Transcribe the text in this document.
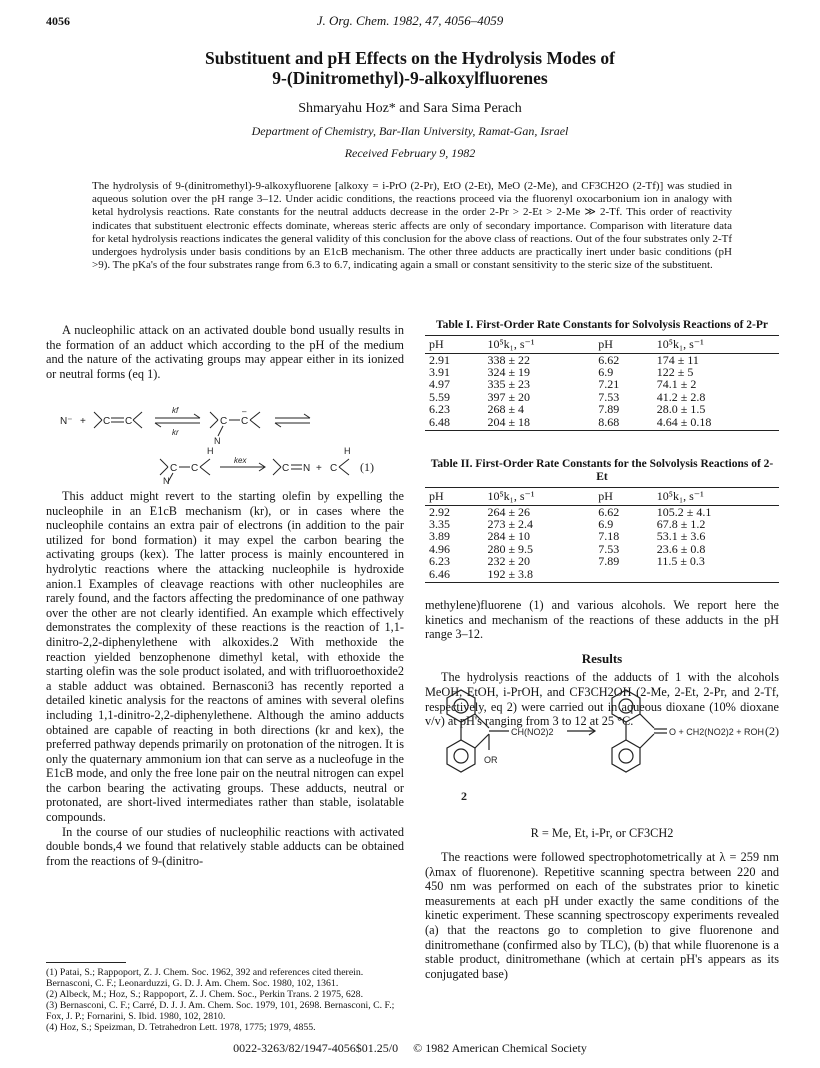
4056	J. Org. Chem. 1982, 47, 4056–4059
Substituent and pH Effects on the Hydrolysis Modes of
9-(Dinitromethyl)-9-alkoxylfluorenes
Shmaryahu Hoz* and Sara Sima Perach
Department of Chemistry, Bar-Ilan University, Ramat-Gan, Israel
Received February 9, 1982
The hydrolysis of 9-(dinitromethyl)-9-alkoxyfluorene [alkoxy = i-PrO (2-Pr), EtO (2-Et), MeO (2-Me), and CF3CH2O (2-Tf)] was studied in aqueous solution over the pH range 3–12. Under acidic conditions, the reactions proceed via the fluorenyl oxocarbonium ion in analogy with ketal hydrolysis reactions. Rate constants for the neutral adducts decrease in the order 2-Pr > 2-Et > 2-Me ≫ 2-Tf. This order of reactivity indicates that substituent electronic effects dominate, whereas steric affects are only of secondary importance. Comparison with literature data for ketal hydrolysis reactions indicates the general validity of this conclusion for the above class of reactions. Out of the four substrates only 2-Tf undergoes hydrolysis under basis conditions by an E1cB mechanism. The other three adducts are practically inert under basic conditions (pH >9). The pKa's of the four substrates range from 6.3 to 6.7, indicating again a small or constant sensitivity to the steric size of the substituent.

A nucleophilic attack on an activated double bond usually results in the formation of an adduct which according to the pH of the medium and the nature of the activating groups may appear either in its ionized or neutral forms (eq 1).

N⁻ + C C
kf
kr
C C
–
N
C C
H
N
kex
C N + C
H
(1)

This adduct might revert to the starting olefin by expelling the nucleophile in an E1cB mechanism (kr), or in cases where the nucleophile contains an extra pair of electrons (in addition to the pair utilized for bond formation) it may expel the carbon bearing the activating groups (kex). The latter process is mainly encountered in hydrolytic reactions where the attacking nucleophile is hydroxide anion.1 Examples of cleavage reactions with other nucleophiles are rarely found, and the factors affecting the predominance of one pathway over the other are not clearly identified. An example which effectively demonstrates the complexity of these reactions is the reaction of 1,1-dinitro-2,2-diphenylethene with alkoxides.2 With methoxide the reaction yielded benzophenone dimethyl ketal, with ethoxide the starting olefin was the sole product isolated, and with trifluoroethoxide2 a stable adduct was obtained. Bernasconi3 has recently reported a detailed kinetic analysis for the reactons of amines with several olefins including 1,1-dinitro-2,2-diphenylethene. Although the amino adducts obtained are capable of reacting in both directions (kr and kex), the preferred pathway depends primarily on protonation of the nitrogen. It is only the quaternary ammonium ion that can serve as a nucleofuge in the E1cB mode, and only the free lone pair on the neutral nitrogen can expel the carbon bearing the activating groups. These adducts, neutral or protonated, are short-lived intermediates rather than stable, isolatable compounds.

In the course of our studies of nucleophilic reactions with activated double bonds,4 we found that relatively stable adducts can be obtained from the reactions of 9-(dinitro-

(1) Patai, S.; Rappoport, Z. J. Chem. Soc. 1962, 392 and references cited therein. Bernasconi, C. F.; Leonarduzzi, G. D. J. Am. Chem. Soc. 1980, 102, 1361.
(2) Albeck, M.; Hoz, S.; Rappoport, Z. J. Chem. Soc., Perkin Trans. 2 1975, 628.
(3) Bernasconi, C. F.; Carré, D. J. J. Am. Chem. Soc. 1979, 101, 2698. Bernasconi, C. F.; Fox, J. P.; Fornarini, S. Ibid. 1980, 102, 2810.
(4) Hoz, S.; Speizman, D. Tetrahedron Lett. 1978, 1775; 1979, 4855.
Table I. First-Order Rate Constants for Solvolysis Reactions of 2-Pr
pH	10⁵k₁, s⁻¹	pH	10⁵k₁, s⁻¹
2.91	338 ± 22	6.62	174 ± 11
3.91	324 ± 19	6.9	122 ± 5
4.97	335 ± 23	7.21	74.1 ± 2
5.59	397 ± 20	7.53	41.2 ± 2.8
6.23	268 ± 4	7.89	28.0 ± 1.5
6.48	204 ± 18	8.68	4.64 ± 0.18
Table II. First-Order Rate Constants for the Solvolysis Reactions of 2-Et
pH	10⁵k₁, s⁻¹	pH	10⁵k₁, s⁻¹
2.92	264 ± 26	6.62	105.2 ± 4.1
3.35	273 ± 2.4	6.9	67.8 ± 1.2
3.89	284 ± 10	7.18	53.1 ± 3.6
4.96	280 ± 9.5	7.53	23.6 ± 0.8
6.23	232 ± 20	7.89	11.5 ± 0.3
6.46	192 ± 3.8		

methylene)fluorene (1) and various alcohols. We report here the kinetics and mechanism of the reactions of these adducts in the pH range 3–12.

Results

The hydrolysis reactions of the adducts of 1 with the alcohols MeOH, EtOH, i-PrOH, and CF3CH2OH (2-Me, 2-Et, 2-Pr, and 2-Tf, respectively, eq 2) were carried out in aqueous dioxane (10% dioxane v/v) at pH's ranging from 3 to 12 at 25 °C.

CH(NO2)2
OR
O + CH2(NO2)2 + ROH (2)
2
R = Me, Et, i-Pr, or CF3CH2

The reactions were followed spectrophotometrically at λ = 259 nm (λmax of fluorenone). Repetitive scanning spectra between 220 and 450 nm was performed on each of the substrates prior to kinetic measurements at each pH under exactly the same conditions of the kinetic experiment. These scanning spectroscopy experiments revealed (a) that the reactons go to completion to give fluorenone and dinitromethane (confirmed also by TLC), (b) that while fluorenone is a stable product, dinitromethane (which at certain pH's appears as its conjugated base)

0022-3263/82/1947-4056$01.25/0 © 1982 American Chemical Society
